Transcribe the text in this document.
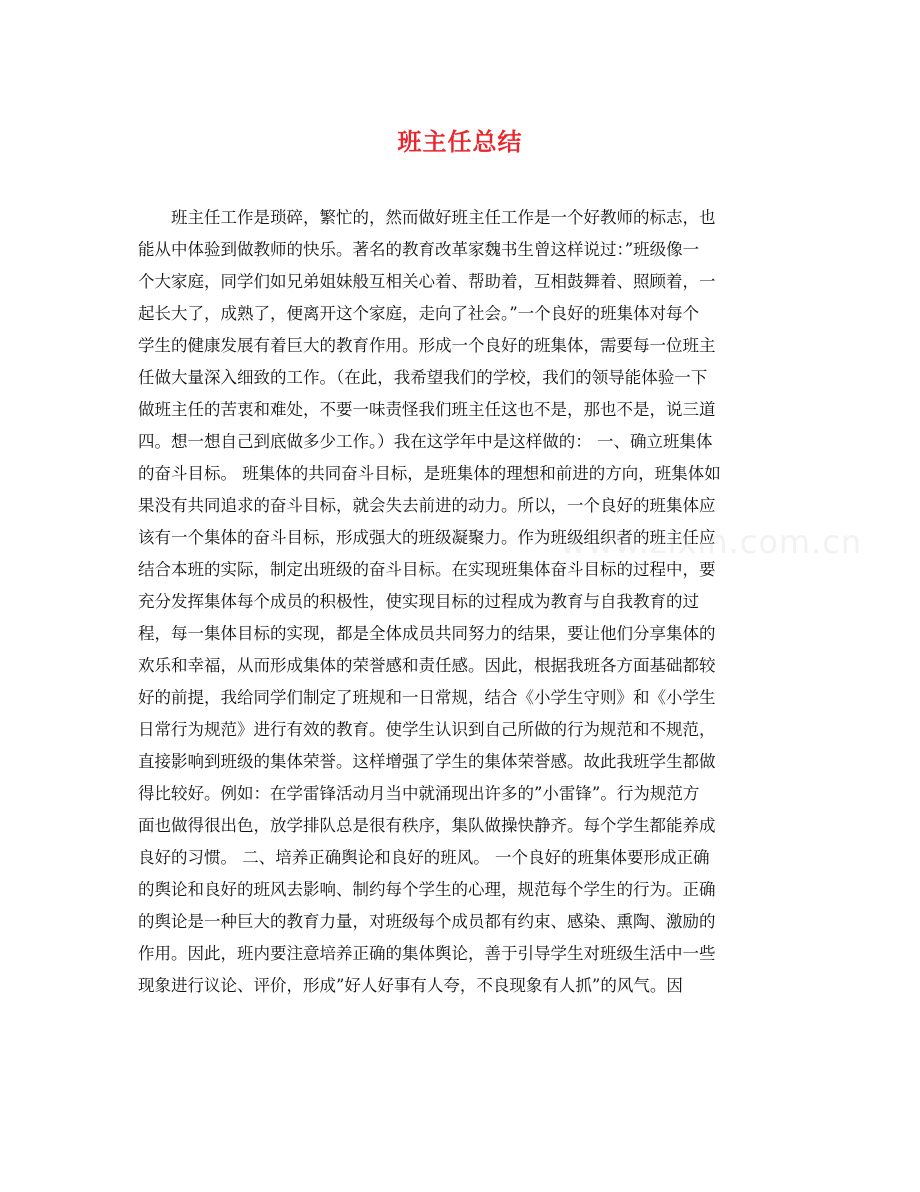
www.zixin.com.cn
班主任总结
班主任工作是琐碎，繁忙的，然而做好班主任工作是一个好教师的标志，也
能从中体验到做教师的快乐。著名的教育改革家魏书生曾这样说过：”班级像一
个大家庭，同学们如兄弟姐妹般互相关心着、帮助着，互相鼓舞着、照顾着，一
起长大了，成熟了，便离开这个家庭，走向了社会。”一个良好的班集体对每个
学生的健康发展有着巨大的教育作用。形成一个良好的班集体，需要每一位班主
任做大量深入细致的工作。（在此，我希望我们的学校，我们的领导能体验一下
做班主任的苦衷和难处，不要一味责怪我们班主任这也不是，那也不是，说三道
四。想一想自己到底做多少工作。）我在这学年中是这样做的： 一、确立班集体
的奋斗目标。 班集体的共同奋斗目标，是班集体的理想和前进的方向，班集体如
果没有共同追求的奋斗目标，就会失去前进的动力。所以，一个良好的班集体应
该有一个集体的奋斗目标，形成强大的班级凝聚力。作为班级组织者的班主任应
结合本班的实际，制定出班级的奋斗目标。在实现班集体奋斗目标的过程中，要
充分发挥集体每个成员的积极性，使实现目标的过程成为教育与自我教育的过
程，每一集体目标的实现，都是全体成员共同努力的结果，要让他们分享集体的
欢乐和幸福，从而形成集体的荣誉感和责任感。因此，根据我班各方面基础都较
好的前提，我给同学们制定了班规和一日常规，结合《小学生守则》和《小学生
日常行为规范》进行有效的教育。使学生认识到自己所做的行为规范和不规范，
直接影响到班级的集体荣誉。这样增强了学生的集体荣誉感。故此我班学生都做
得比较好。例如：在学雷锋活动月当中就涌现出许多的”小雷锋”。行为规范方
面也做得很出色，放学排队总是很有秩序，集队做操快静齐。每个学生都能养成
良好的习惯。 二、培养正确舆论和良好的班风。 一个良好的班集体要形成正确
的舆论和良好的班风去影响、制约每个学生的心理，规范每个学生的行为。正确
的舆论是一种巨大的教育力量，对班级每个成员都有约束、感染、熏陶、激励的
作用。因此，班内要注意培养正确的集体舆论，善于引导学生对班级生活中一些
现象进行议论、评价，形成”好人好事有人夸，不良现象有人抓”的风气。因
